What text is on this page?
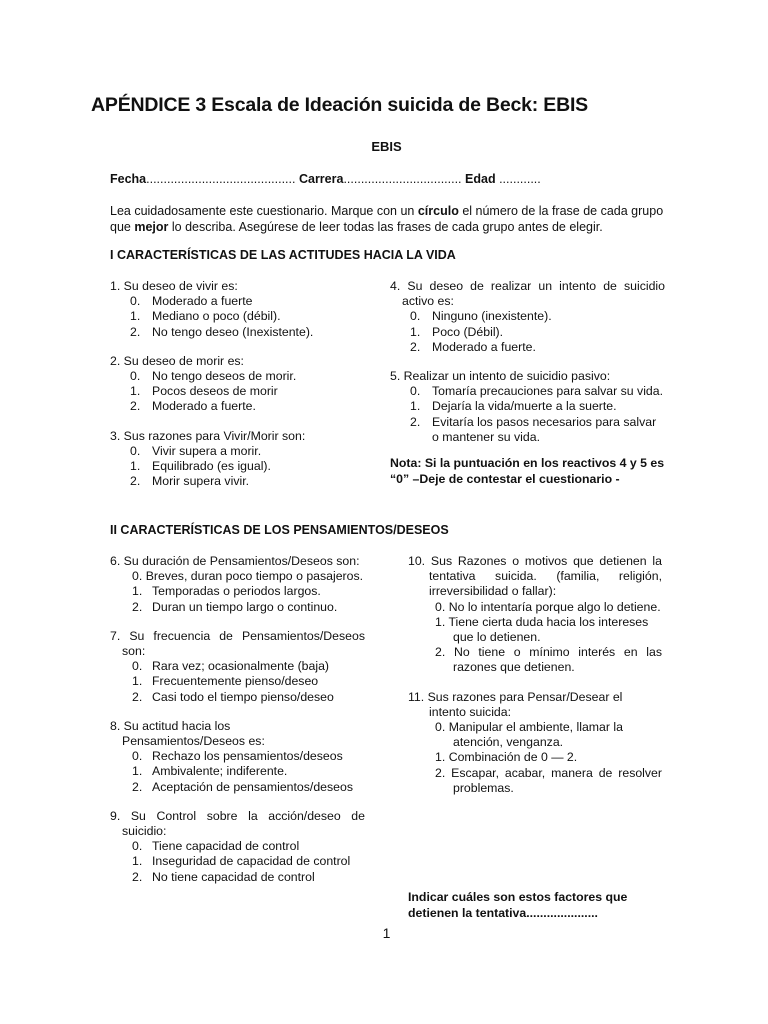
APÉNDICE 3 Escala de Ideación suicida de Beck: EBIS
EBIS
Fecha........................................... Carrera.................................. Edad ............
Lea cuidadosamente este cuestionario. Marque con un círculo el número de la frase de cada grupo que mejor lo describa. Asegúrese de leer todas las frases de cada grupo antes de elegir.
I CARACTERÍSTICAS DE LAS ACTITUDES HACIA LA VIDA
1. Su deseo de vivir es:
0. Moderado a fuerte
1. Mediano o poco (débil).
2. No tengo deseo (Inexistente).
2. Su deseo de morir es:
0. No tengo deseos de morir.
1. Pocos deseos de morir
2. Moderado a fuerte.
3. Sus razones para Vivir/Morir son:
0. Vivir supera a morir.
1. Equilibrado (es igual).
2. Morir supera vivir.
4. Su deseo de realizar un intento de suicidio activo es:
0. Ninguno (inexistente).
1. Poco (Débil).
2. Moderado a fuerte.
5. Realizar un intento de suicidio pasivo:
0. Tomaría precauciones para salvar su vida.
1. Dejaría la vida/muerte a la suerte.
2. Evitaría los pasos necesarios para salvar o mantener su vida.
Nota: Si la puntuación en los reactivos 4 y 5 es “0” –Deje de contestar el cuestionario -
II CARACTERÍSTICAS DE LOS PENSAMIENTOS/DESEOS
6. Su duración de Pensamientos/Deseos son:
0. Breves, duran poco tiempo o pasajeros.
1. Temporadas o periodos largos.
2. Duran un tiempo largo o continuo.
7. Su frecuencia de Pensamientos/Deseos son:
0. Rara vez; ocasionalmente (baja)
1. Frecuentemente pienso/deseo
2. Casi todo el tiempo pienso/deseo
8. Su actitud hacia los Pensamientos/Deseos es:
0. Rechazo los pensamientos/deseos
1. Ambivalente; indiferente.
2. Aceptación de pensamientos/deseos
9. Su Control sobre la acción/deseo de suicidio:
0. Tiene capacidad de control
1. Inseguridad de capacidad de control
2. No tiene capacidad de control
10. Sus Razones o motivos que detienen la tentativa suicida. (familia, religión, irreversibilidad o fallar):
0. No lo intentaría porque algo lo detiene.
1. Tiene cierta duda hacia los intereses que lo detienen.
2. No tiene o mínimo interés en las razones que detienen.
11. Sus razones para Pensar/Desear el intento suicida:
0. Manipular el ambiente, llamar la atención, venganza.
1. Combinación de 0 — 2.
2. Escapar, acabar, manera de resolver problemas.
Indicar cuáles son estos factores que detienen la tentativa.....................
1
